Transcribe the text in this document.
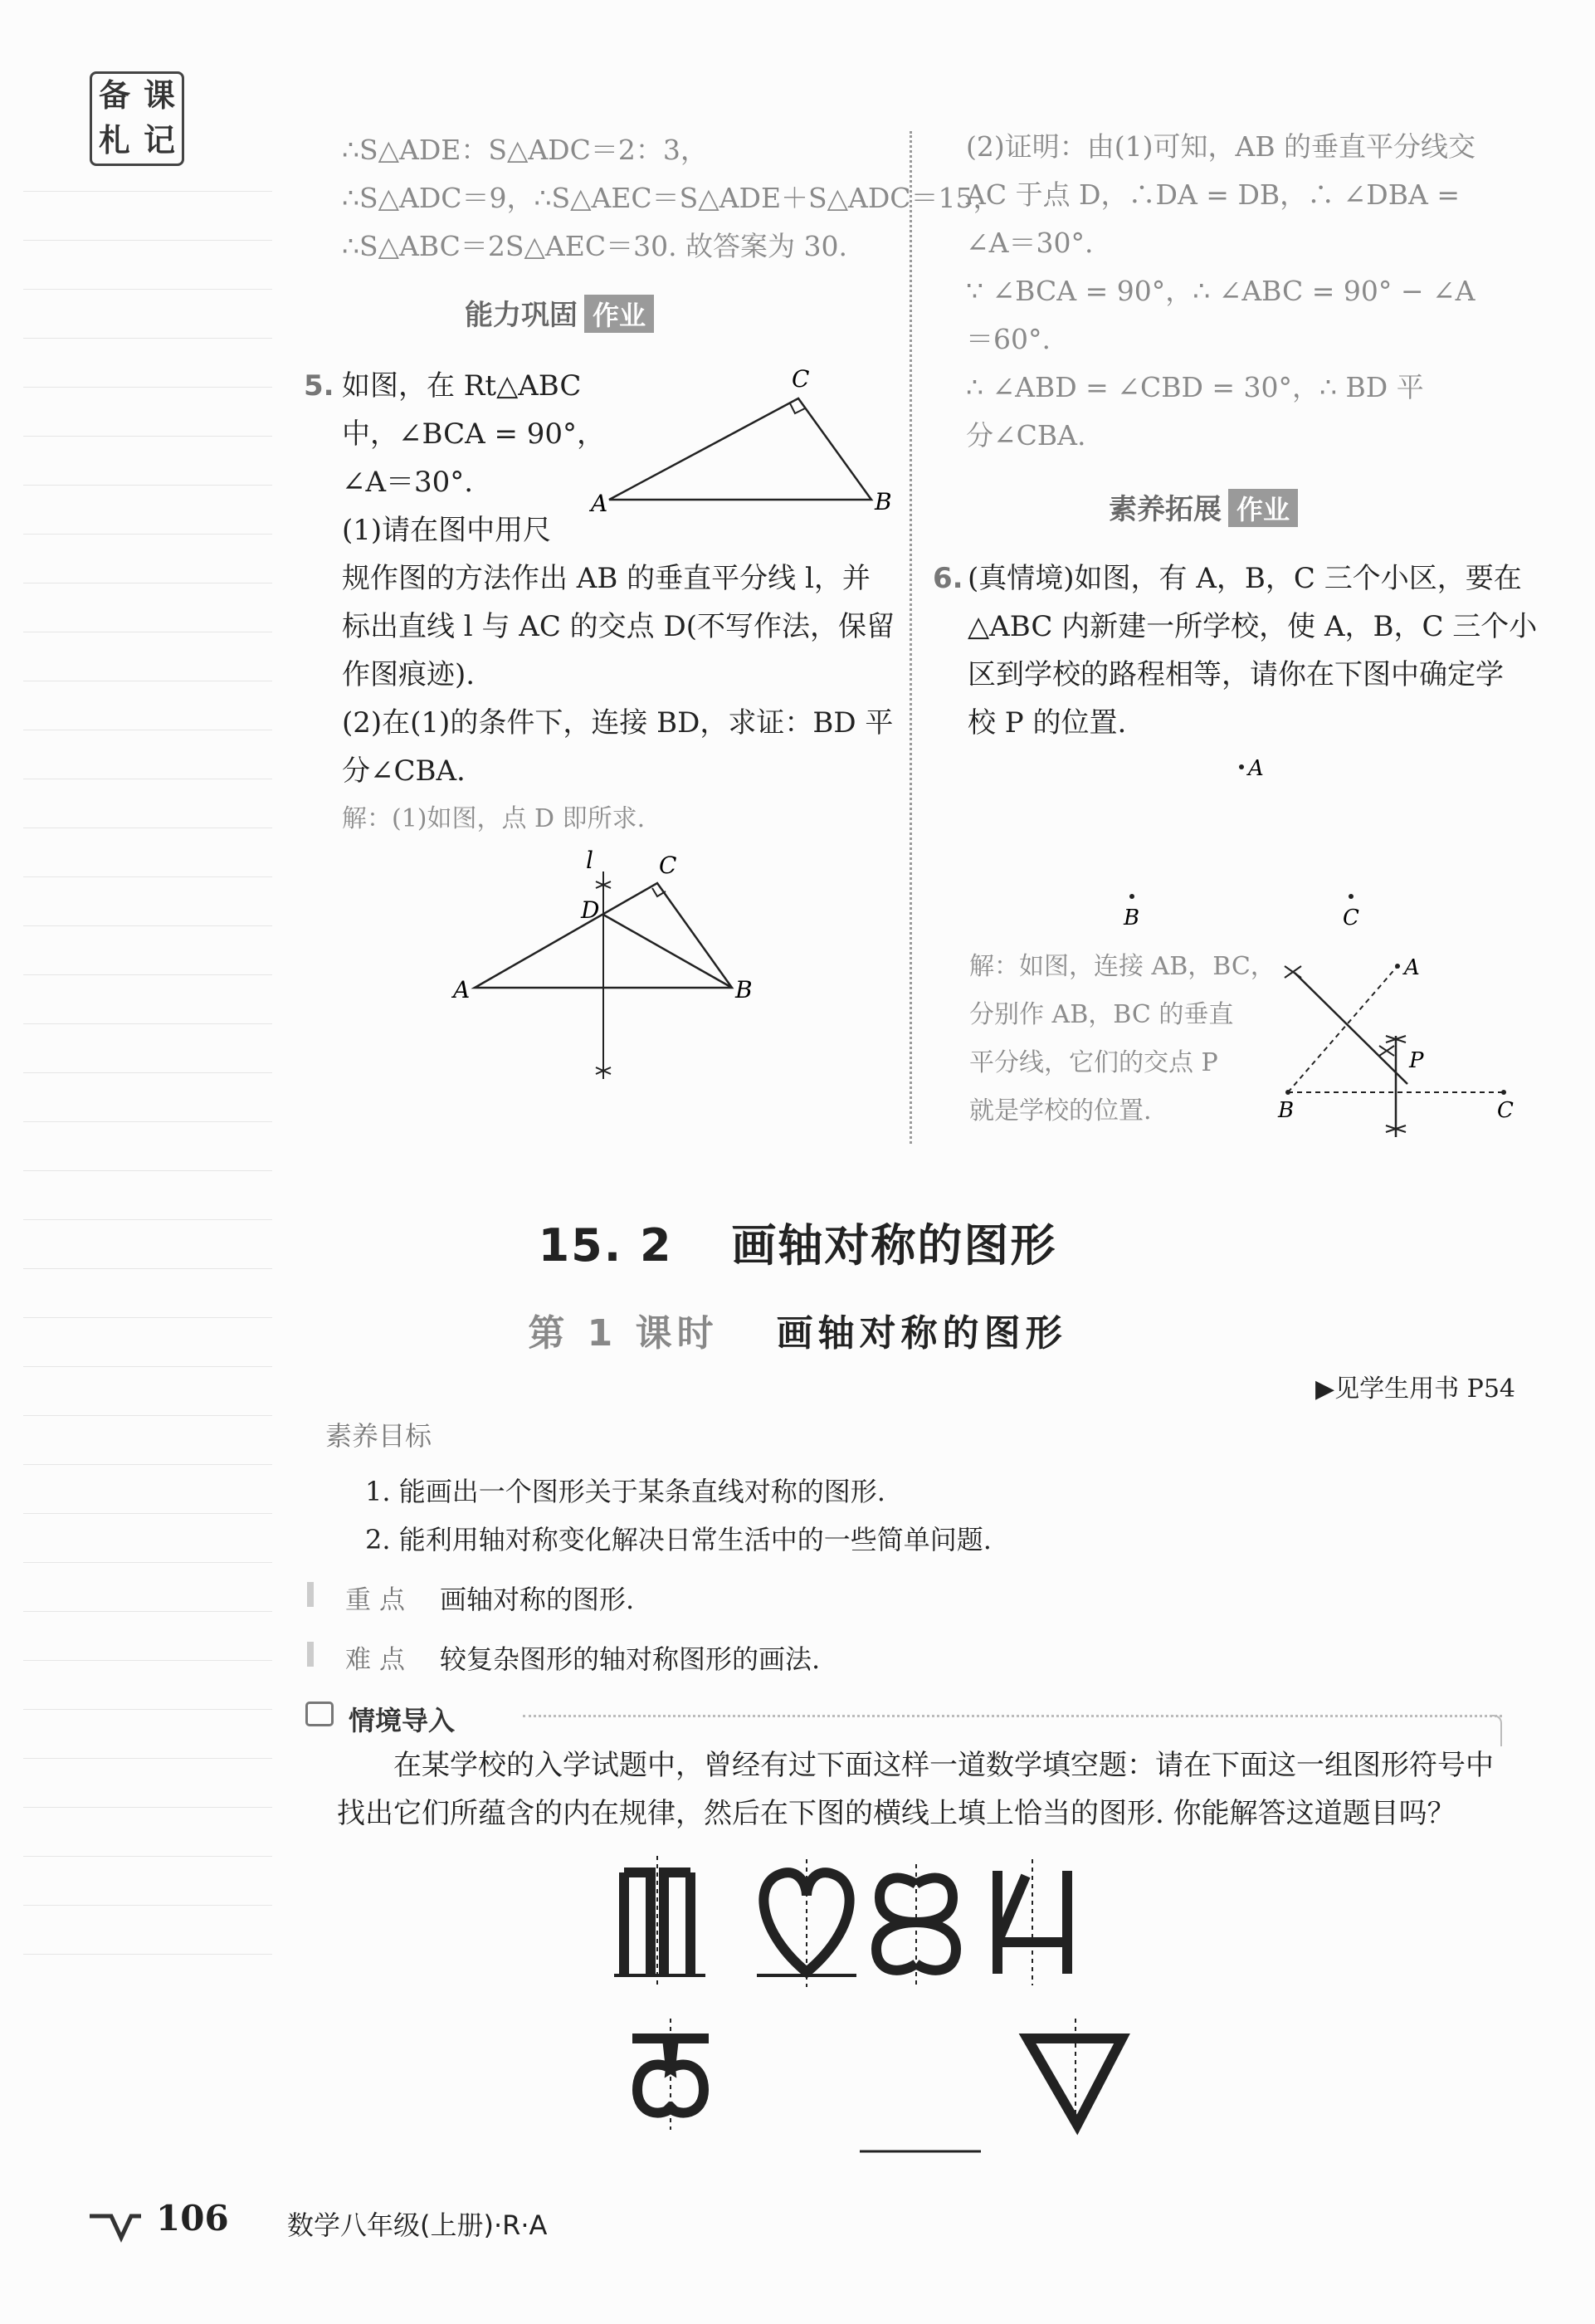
备 课
札 记	∴S△ADE：S△ADC＝2：3，
∴S△ADC＝9，∴S△AEC＝S△ADE＋S△ADC＝15，
∴S△ABC＝2S△AEC＝30. 故答案为 30.
能力巩固 作业
5. 如图，在 Rt△ABC
中，∠BCA = 90°，
∠A＝30°.
(1)请在图中用尺
规作图的方法作出 AB 的垂直平分线 l，并
标出直线 l 与 AC 的交点 D(不写作法，保留
作图痕迹).
(2)在(1)的条件下，连接 BD，求证：BD 平
分∠CBA.
解：(1)如图，点 D 即所求.
A
C
B
A	B
C
D
l
(2)证明：由(1)可知，AB 的垂直平分线交
AC 于点 D，∴DA = DB，∴ ∠DBA =
∠A＝30°.
∵ ∠BCA = 90°，∴ ∠ABC = 90° − ∠A
＝60°.
∴ ∠ABD = ∠CBD = 30°，∴ BD 平
分∠CBA.
素养拓展 作业
6. (真情境)如图，有 A，B，C 三个小区，要在
△ABC 内新建一所学校，使 A，B，C 三个小
区到学校的路程相等，请你在下图中确定学
校 P 的位置.
A
B	C
解：如图，连接 AB，BC，
分别作 AB，BC 的垂直
平分线，它们的交点 P
就是学校的位置.
A
B	C
P
15. 2 画轴对称的图形
第 1 课时 画轴对称的图形
▶见学生用书 P54
素养目标
1. 能画出一个图形关于某条直线对称的图形.
2. 能利用轴对称变化解决日常生活中的一些简单问题.
重点 画轴对称的图形.
难点 较复杂图形的轴对称图形的画法.
情境导入
在某学校的入学试题中，曾经有过下面这样一道数学填空题：请在下面这一组图形符号中找出它们所蕴含的内在规律，然后在下图的横线上填上恰当的图形. 你能解答这道题目吗？
106 数学八年级(上册)·R·A
